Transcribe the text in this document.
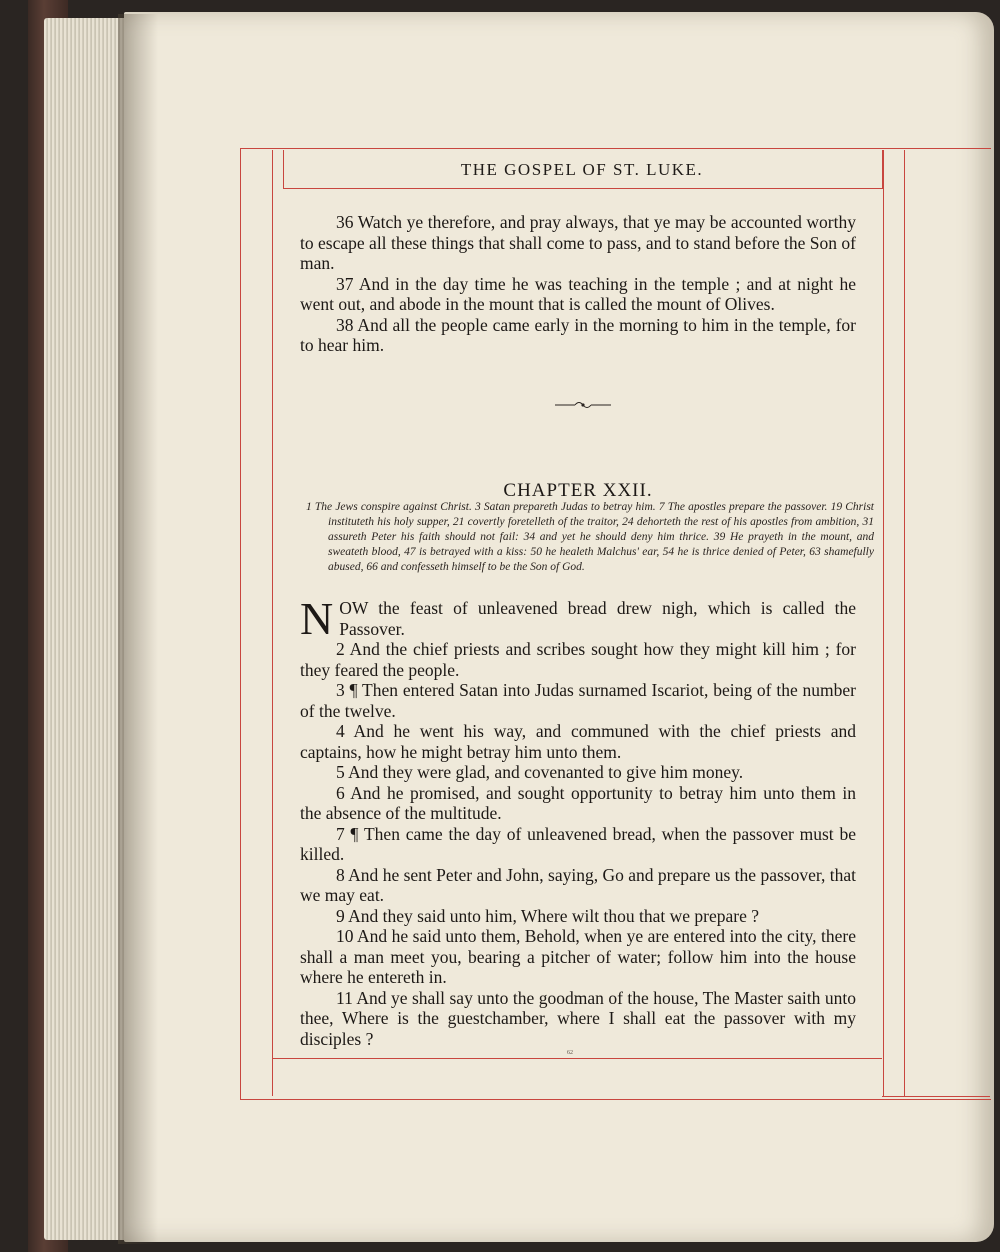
THE GOSPEL OF ST. LUKE.

36 Watch ye therefore, and pray always, that ye may be accounted worthy to escape all these things that shall come to pass, and to stand before the Son of man.

37 And in the day time he was teaching in the temple ; and at night he went out, and abode in the mount that is called the mount of Olives.

38 And all the people came early in the morning to him in the temple, for to hear him.

CHAPTER XXII.

1 The Jews conspire against Christ. 3 Satan prepareth Judas to betray him. 7 The apostles prepare the passover. 19 Christ instituteth his holy supper, 21 covertly foretelleth of the traitor, 24 dehorteth the rest of his apostles from ambition, 31 assureth Peter his faith should not fail: 34 and yet he should deny him thrice. 39 He prayeth in the mount, and sweateth blood, 47 is betrayed with a kiss: 50 he healeth Malchus' ear, 54 he is thrice denied of Peter, 63 shamefully abused, 66 and confesseth himself to be the Son of God.

NOW the feast of unleavened bread drew nigh, which is called the Passover.

2 And the chief priests and scribes sought how they might kill him ; for they feared the people.

3 ¶ Then entered Satan into Judas surnamed Iscariot, being of the number of the twelve.

4 And he went his way, and communed with the chief priests and captains, how he might betray him unto them.

5 And they were glad, and covenanted to give him money.

6 And he promised, and sought opportunity to betray him unto them in the absence of the multitude.

7 ¶ Then came the day of unleavened bread, when the passover must be killed.

8 And he sent Peter and John, saying, Go and prepare us the passover, that we may eat.

9 And they said unto him, Where wilt thou that we prepare ?

10 And he said unto them, Behold, when ye are entered into the city, there shall a man meet you, bearing a pitcher of water; follow him into the house where he entereth in.

11 And ye shall say unto the goodman of the house, The Master saith unto thee, Where is the guestchamber, where I shall eat the passover with my disciples ?

62
